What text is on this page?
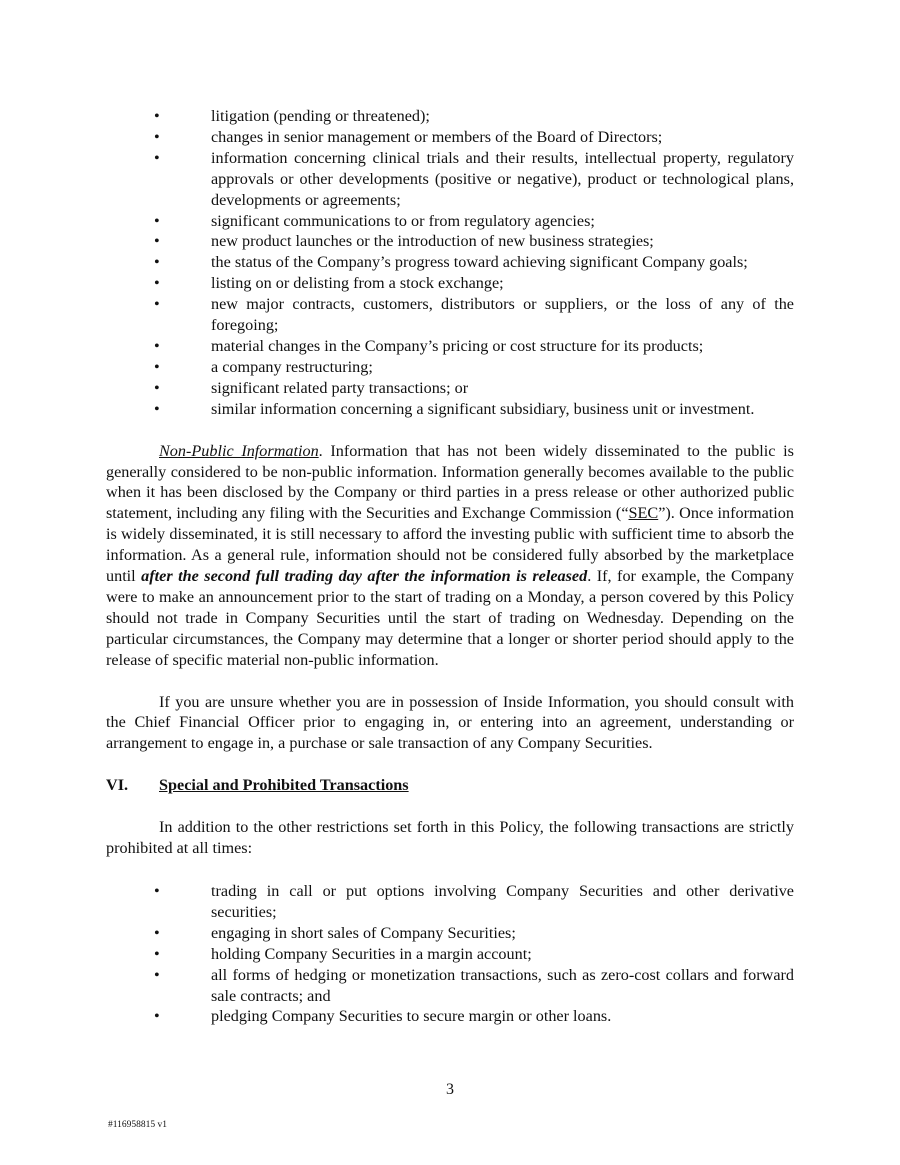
•	litigation (pending or threatened);
•	changes in senior management or members of the Board of Directors;
•	information concerning clinical trials and their results, intellectual property, regulatory approvals or other developments (positive or negative), product or technological plans, developments or agreements;
•	significant communications to or from regulatory agencies;
•	new product launches or the introduction of new business strategies;
•	the status of the Company’s progress toward achieving significant Company goals;
•	listing on or delisting from a stock exchange;
•	new major contracts, customers, distributors or suppliers, or the loss of any of the foregoing;
•	material changes in the Company’s pricing or cost structure for its products;
•	a company restructuring;
•	significant related party transactions; or
•	similar information concerning a significant subsidiary, business unit or investment.

Non-Public Information. Information that has not been widely disseminated to the public is generally considered to be non-public information. Information generally becomes available to the public when it has been disclosed by the Company or third parties in a press release or other authorized public statement, including any filing with the Securities and Exchange Commission (“SEC”). Once information is widely disseminated, it is still necessary to afford the investing public with sufficient time to absorb the information. As a general rule, information should not be considered fully absorbed by the marketplace until after the second full trading day after the information is released. If, for example, the Company were to make an announcement prior to the start of trading on a Monday, a person covered by this Policy should not trade in Company Securities until the start of trading on Wednesday. Depending on the particular circumstances, the Company may determine that a longer or shorter period should apply to the release of specific material non-public information.

If you are unsure whether you are in possession of Inside Information, you should consult with the Chief Financial Officer prior to engaging in, or entering into an agreement, understanding or arrangement to engage in, a purchase or sale transaction of any Company Securities.

VI.	Special and Prohibited Transactions

In addition to the other restrictions set forth in this Policy, the following transactions are strictly prohibited at all times:

•	trading in call or put options involving Company Securities and other derivative securities;
•	engaging in short sales of Company Securities;
•	holding Company Securities in a margin account;
•	all forms of hedging or monetization transactions, such as zero-cost collars and forward sale contracts; and
•	pledging Company Securities to secure margin or other loans.
3
#116958815 v1
